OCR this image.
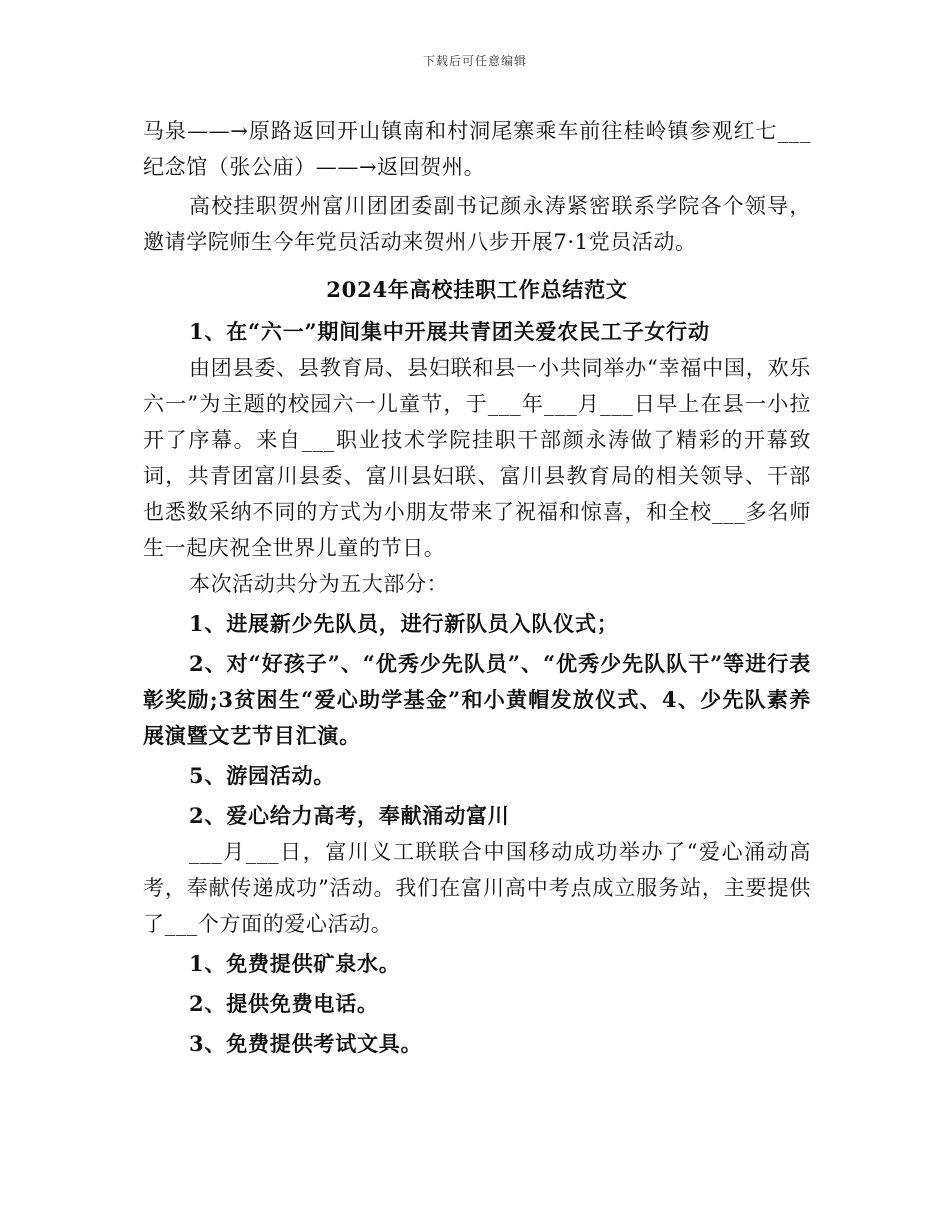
下载后可任意编辑

马泉——→原路返回开山镇南和村洞尾寨乘车前往桂岭镇参观红七___纪念馆（张公庙）——→返回贺州。

高校挂职贺州富川团团委副书记颜永涛紧密联系学院各个领导，邀请学院师生今年党员活动来贺州八步开展7·1党员活动。

2024年高校挂职工作总结范文

1、在“六一”期间集中开展共青团关爱农民工子女行动

由团县委、县教育局、县妇联和县一小共同举办“幸福中国，欢乐六一”为主题的校园六一儿童节，于___年___月___日早上在县一小拉开了序幕。来自___职业技术学院挂职干部颜永涛做了精彩的开幕致词，共青团富川县委、富川县妇联、富川县教育局的相关领导、干部也悉数采纳不同的方式为小朋友带来了祝福和惊喜，和全校___多名师生一起庆祝全世界儿童的节日。

本次活动共分为五大部分：

1、进展新少先队员，进行新队员入队仪式；

2、对“好孩子”、“优秀少先队员”、“优秀少先队队干”等进行表彰奖励;3贫困生“爱心助学基金”和小黄帽发放仪式、4、少先队素养展演暨文艺节目汇演。

5、游园活动。

2、爱心给力高考，奉献涌动富川

___月___日，富川义工联联合中国移动成功举办了“爱心涌动高考，奉献传递成功”活动。我们在富川高中考点成立服务站，主要提供了___个方面的爱心活动。

1、免费提供矿泉水。

2、提供免费电话。

3、免费提供考试文具。
